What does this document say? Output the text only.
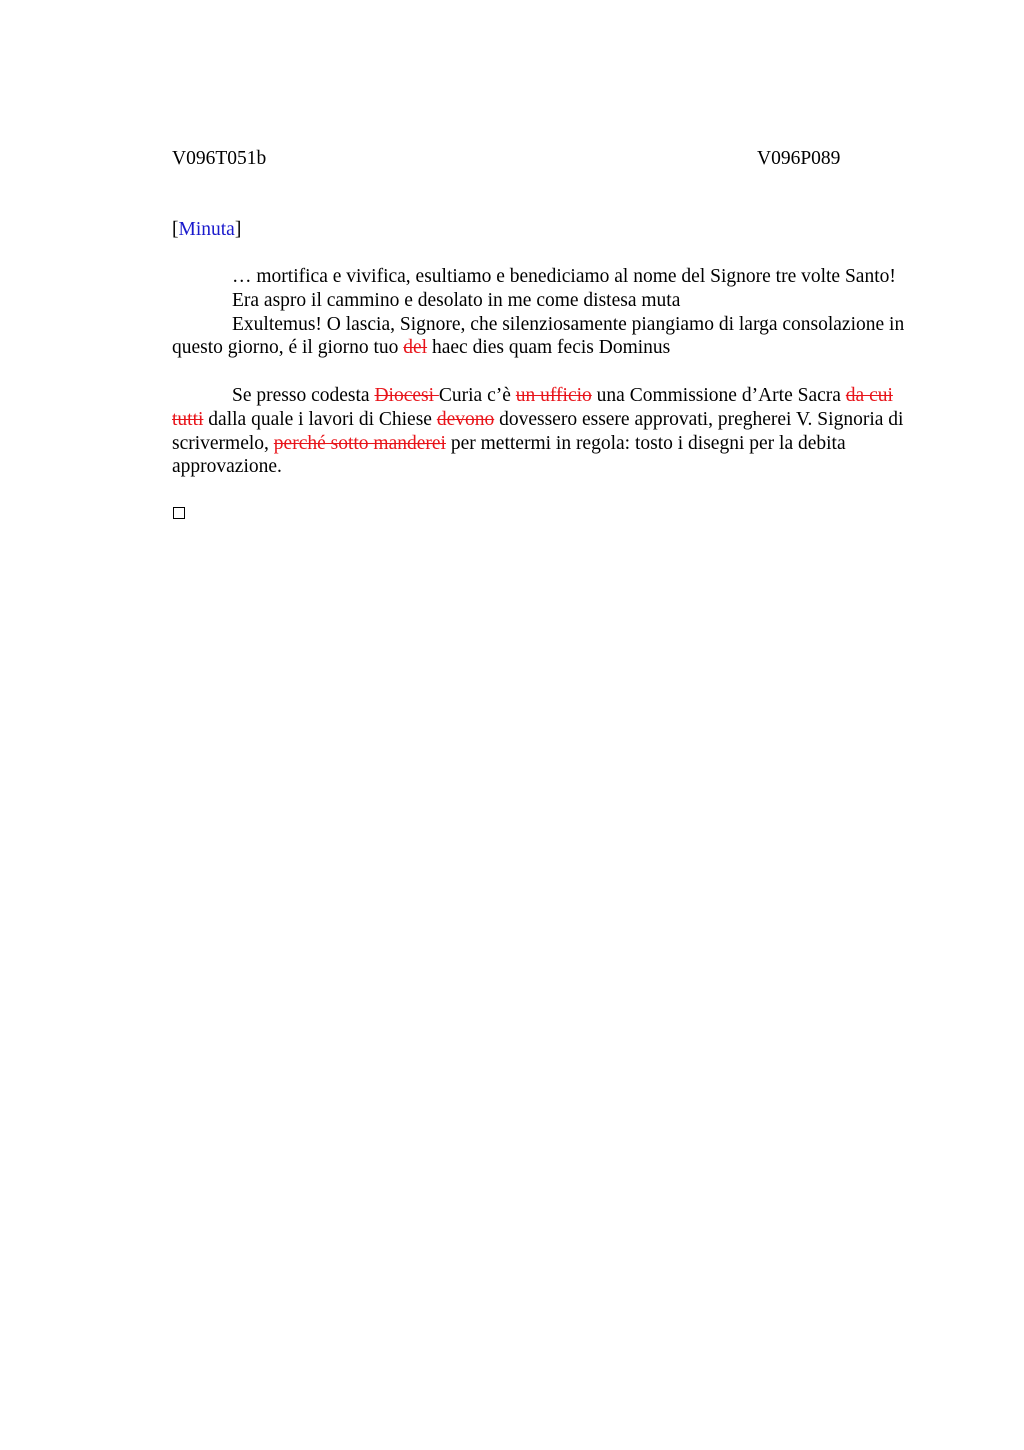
V096T051b	V096P089
[Minuta]

… mortifica e vivifica, esultiamo e benediciamo al nome del Signore tre volte Santo!

Era aspro il cammino e desolato in me come distesa muta

Exultemus! O lascia, Signore, che silenziosamente piangiamo di larga consolazione in questo giorno, é il giorno tuo del haec dies quam fecis Dominus

Se presso codesta Diocesi Curia c’è un ufficio una Commissione d’Arte Sacra da cui tutti dalla quale i lavori di Chiese devono dovessero essere approvati, pregherei V. Signoria di scrivermelo, perché sotto manderei per mettermi in regola: tosto i disegni per la debita approvazione.
